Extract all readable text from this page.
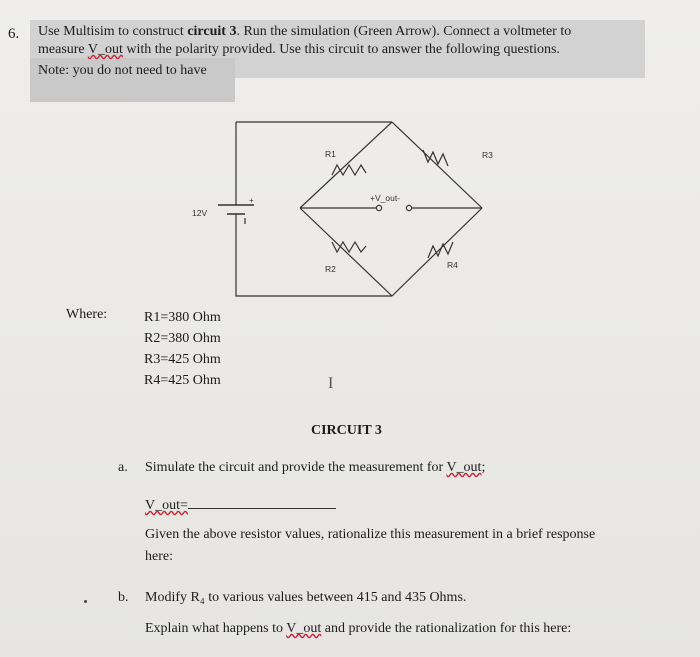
6. Use Multisim to construct circuit 3. Run the simulation (Green Arrow). Connect a voltmeter to
measure V_out with the polarity provided. Use this circuit to answer the following questions.
Note: you do not need to have
12V
+
R1	R3
R2	R4
+V_out-
Where:	R1=380 Ohm
R2=380 Ohm
R3=425 Ohm
R4=425 Ohm	I
CIRCUIT 3
a. Simulate the circuit and provide the measurement for V_out;
V_out=
Given the above resistor values, rationalize this measurement in a brief response
here:
b. Modify R₄ to various values between 415 and 435 Ohms.
Explain what happens to V_out and provide the rationalization for this here:
